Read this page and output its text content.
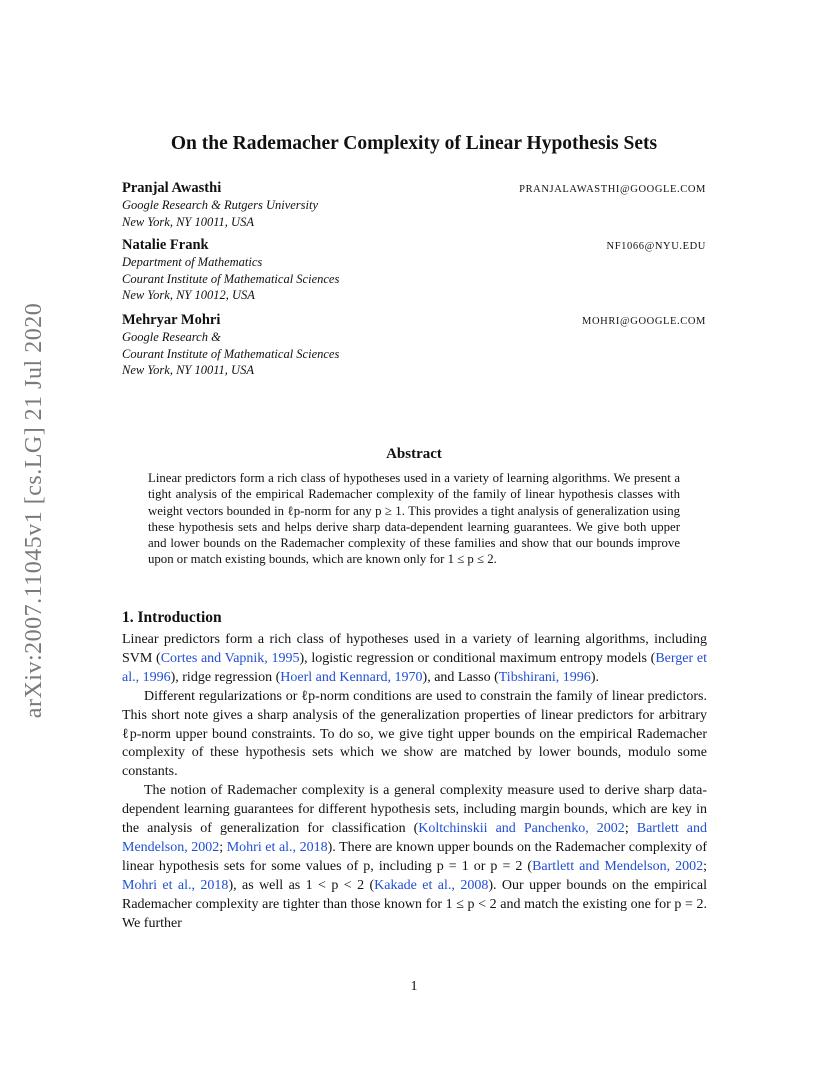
arXiv:2007.11045v1 [cs.LG] 21 Jul 2020
On the Rademacher Complexity of Linear Hypothesis Sets
Pranjal Awasthi	PRANJALAWASTHI@GOOGLE.COM
Google Research & Rutgers University
New York, NY 10011, USA
Natalie Frank	NF1066@NYU.EDU
Department of Mathematics
Courant Institute of Mathematical Sciences
New York, NY 10012, USA
Mehryar Mohri	MOHRI@GOOGLE.COM
Google Research &
Courant Institute of Mathematical Sciences
New York, NY 10011, USA
Abstract
Linear predictors form a rich class of hypotheses used in a variety of learning algorithms. We present a tight analysis of the empirical Rademacher complexity of the family of linear hypothesis classes with weight vectors bounded in ℓp-norm for any p ≥ 1. This provides a tight analysis of generalization using these hypothesis sets and helps derive sharp data-dependent learning guarantees. We give both upper and lower bounds on the Rademacher complexity of these families and show that our bounds improve upon or match existing bounds, which are known only for 1 ≤ p ≤ 2.
1. Introduction

Linear predictors form a rich class of hypotheses used in a variety of learning algorithms, including SVM (Cortes and Vapnik, 1995), logistic regression or conditional maximum entropy models (Berger et al., 1996), ridge regression (Hoerl and Kennard, 1970), and Lasso (Tibshirani, 1996).

Different regularizations or ℓp-norm conditions are used to constrain the family of linear predictors. This short note gives a sharp analysis of the generalization properties of linear predictors for arbitrary ℓp-norm upper bound constraints. To do so, we give tight upper bounds on the empirical Rademacher complexity of these hypothesis sets which we show are matched by lower bounds, modulo some constants.

The notion of Rademacher complexity is a general complexity measure used to derive sharp data-dependent learning guarantees for different hypothesis sets, including margin bounds, which are key in the analysis of generalization for classification (Koltchinskii and Panchenko, 2002; Bartlett and Mendelson, 2002; Mohri et al., 2018). There are known upper bounds on the Rademacher complexity of linear hypothesis sets for some values of p, including p = 1 or p = 2 (Bartlett and Mendelson, 2002; Mohri et al., 2018), as well as 1 < p < 2 (Kakade et al., 2008). Our upper bounds on the empirical Rademacher complexity are tighter than those known for 1 ≤ p < 2 and match the existing one for p = 2. We further

1
